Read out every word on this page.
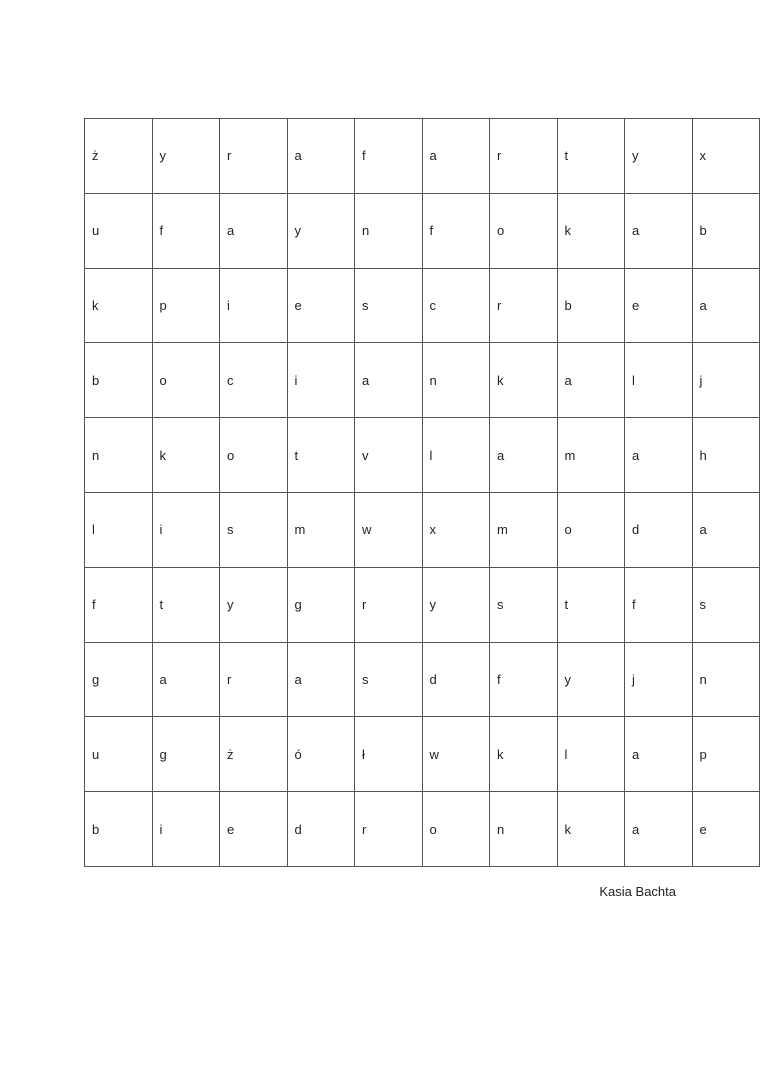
ż	y	r	a	f	a	r	t	y	x
u	f	a	y	n	f	o	k	a	b
k	p	i	e	s	c	r	b	e	a
b	o	c	i	a	n	k	a	l	j
n	k	o	t	v	l	a	m	a	h
l	i	s	m	w	x	m	o	d	a
f	t	y	g	r	y	s	t	f	s
g	a	r	a	s	d	f	y	j	n
u	g	ż	ó	ł	w	k	l	a	p
b	i	e	d	r	o	n	k	a	e
Kasia Bachta
